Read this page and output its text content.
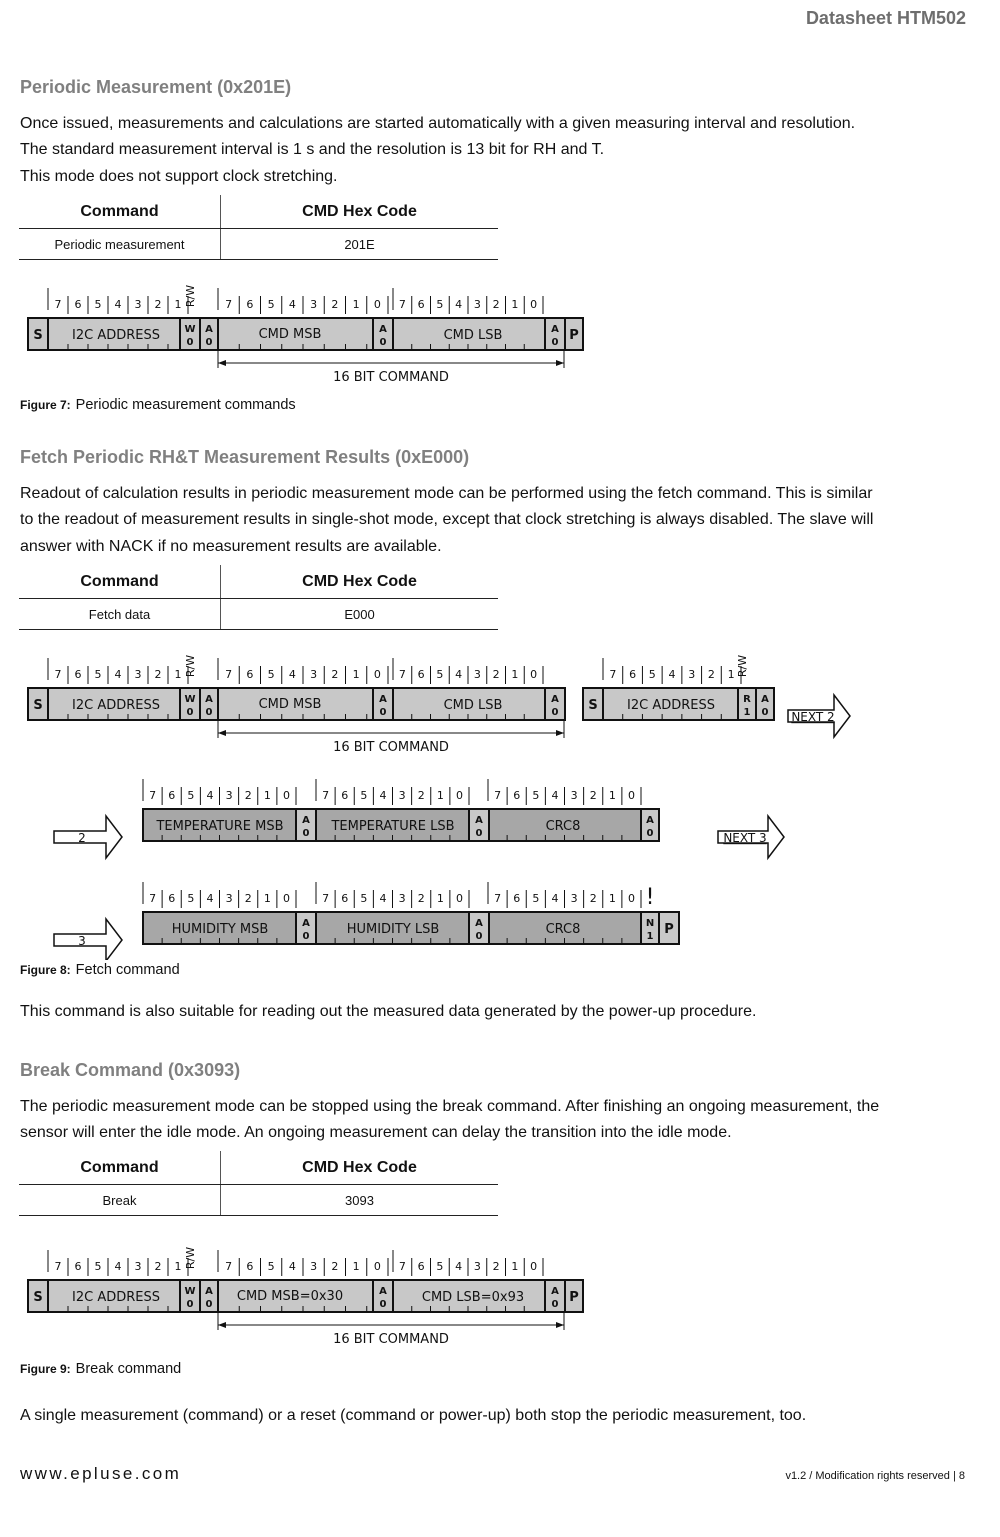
Datasheet HTM502
Periodic Measurement (0x201E)
Once issued, measurements and calculations are started automatically with a given measuring interval and resolution.
The standard measurement interval is 1 s and the resolution is 13 bit for RH and T.
This mode does not support clock stretching.
Command	CMD Hex Code
Periodic measurement	201E
S I2C ADDRESS
7 6 5 4 3 2 1 R/W
W
0
A
0
CMD MSB
7 6 5 4 3 2 1 0
A
0	CMD LSB
7 6 5 4 3 2 1 0
A
0 P
16 BIT COMMAND
Figure 7: Periodic measurement commands
Fetch Periodic RH&T Measurement Results (0xE000)
Readout of calculation results in periodic measurement mode can be performed using the fetch command. This is similar
to the readout of measurement results in single-shot mode, except that clock stretching is always disabled. The slave will
answer with NACK if no measurement results are available.
Command	CMD Hex Code
Fetch data	E000
S I2C ADDRESS
7 6 5 4 3 2 1 R/W
W
0
A
0
CMD MSB
7 6 5 4 3 2 1 0
A
0	CMD LSB
7 6 5 4 3 2 1 0
A
0
16 BIT COMMAND
S I2C ADDRESS
7 6 5 4 3 2 1 R/W
R
1
A
0
TEMPERATURE MSB
7 6 5 4 3 2 1 0
TEMPERATURE LSB
7 6 5 4 3 2 1 0
CRC8
7 6 5 4 3 2 1 0
A
0
A
0
A
0
HUMIDITY MSB
7 6 5 4 3 2 1 0
HUMIDITY LSB
7 6 5 4 3 2 1 0
CRC8
7 6 5 4 3 2 1 0
A
0
A
0
N
1
!
P
NEXT 2
2	NEXT 3
3
Figure 8: Fetch command
This command is also suitable for reading out the measured data generated by the power-up procedure.
Break Command (0x3093)
The periodic measurement mode can be stopped using the break command. After finishing an ongoing measurement, the
sensor will enter the idle mode. An ongoing measurement can delay the transition into the idle mode.
Command	CMD Hex Code
Break	3093
S I2C ADDRESS
7 6 5 4 3 2 1 R/W
W
0
A
0
CMD MSB=0x30
7 6 5 4 3 2 1 0
A
0	CMD LSB=0x93
7 6 5 4 3 2 1 0
A
0 P
16 BIT COMMAND
Figure 9: Break command
A single measurement (command) or a reset (command or power-up) both stop the periodic measurement, too.
www.epluse.com	v1.2 / Modification rights reserved | 8
